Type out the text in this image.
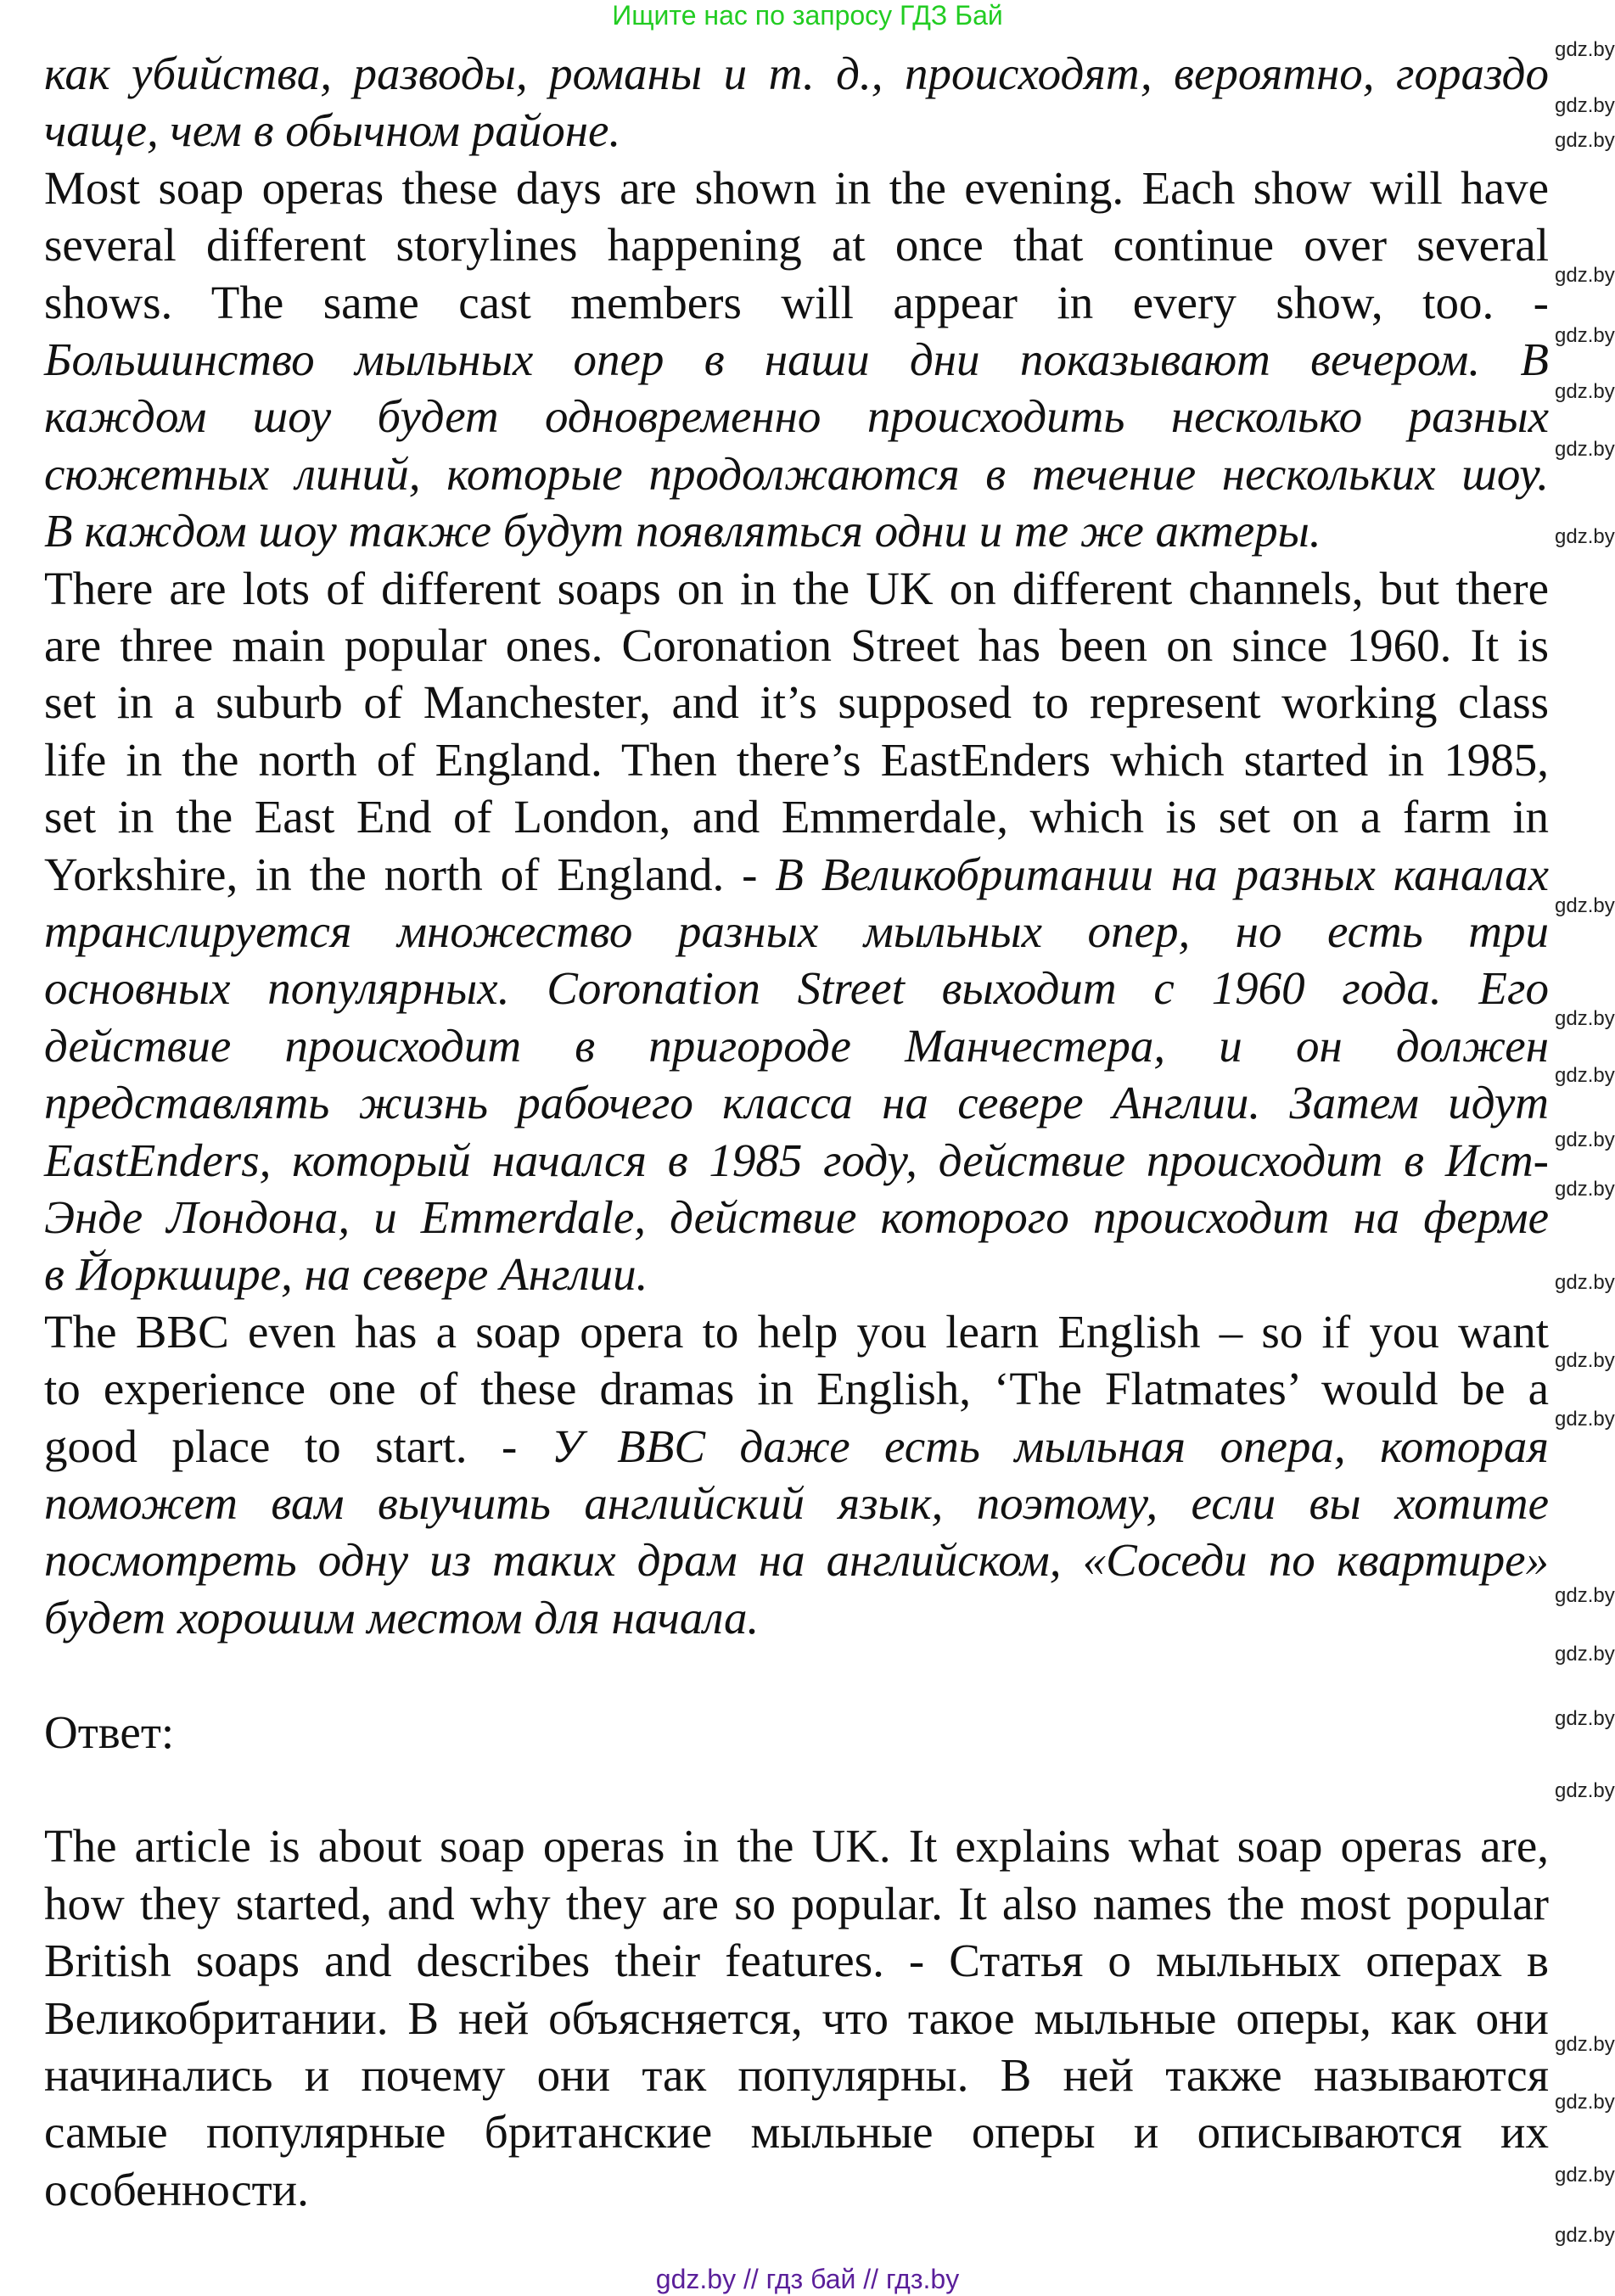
Ищите нас по запросу ГДЗ Бай
как убийства, разводы, романы и т. д., происходят, вероятно, гораздо
чаще, чем в обычном районе.
Most soap operas these days are shown in the evening. Each show will have
several different storylines happening at once that continue over several
shows. The same cast members will appear in every show, too. -
Большинство мыльных опер в наши дни показывают вечером. В
каждом шоу будет одновременно происходить несколько разных
сюжетных линий, которые продолжаются в течение нескольких шоу.
В каждом шоу также будут появляться одни и те же актеры.
There are lots of different soaps on in the UK on different channels, but there
are three main popular ones. Coronation Street has been on since 1960. It is
set in a suburb of Manchester, and it’s supposed to represent working class
life in the north of England. Then there’s EastEnders which started in 1985,
set in the East End of London, and Emmerdale, which is set on a farm in
Yorkshire, in the north of England. - В Великобритании на разных каналах
транслируется множество разных мыльных опер, но есть три
основных популярных. Coronation Street выходит с 1960 года. Его
действие происходит в пригороде Манчестера, и он должен
представлять жизнь рабочего класса на севере Англии. Затем идут
EastEnders, который начался в 1985 году, действие происходит в Ист-
Энде Лондона, и Emmerdale, действие которого происходит на ферме
в Йоркшире, на севере Англии.
The BBC even has a soap opera to help you learn English – so if you want
to experience one of these dramas in English, ‘The Flatmates’ would be a
good place to start. - У BBC даже есть мыльная опера, которая
поможет вам выучить английский язык, поэтому, если вы хотите
посмотреть одну из таких драм на английском, «Соседи по квартире»
будет хорошим местом для начала.
Ответ:
The article is about soap operas in the UK. It explains what soap operas are,
how they started, and why they are so popular. It also names the most popular
British soaps and describes their features. - Статья о мыльных операх в
Великобритании. В ней объясняется, что такое мыльные оперы, как они
начинались и почему они так популярны. В ней также называются
самые популярные британские мыльные оперы и описываются их
особенности.
gdz.by
gdz.by
gdz.by
gdz.by
gdz.by
gdz.by
gdz.by
gdz.by
gdz.by
gdz.by
gdz.by
gdz.by
gdz.by
gdz.by
gdz.by
gdz.by
gdz.by
gdz.by
gdz.by
gdz.by
gdz.by
gdz.by
gdz.by
gdz.by
gdz.by // гдз бай // гдз.by
